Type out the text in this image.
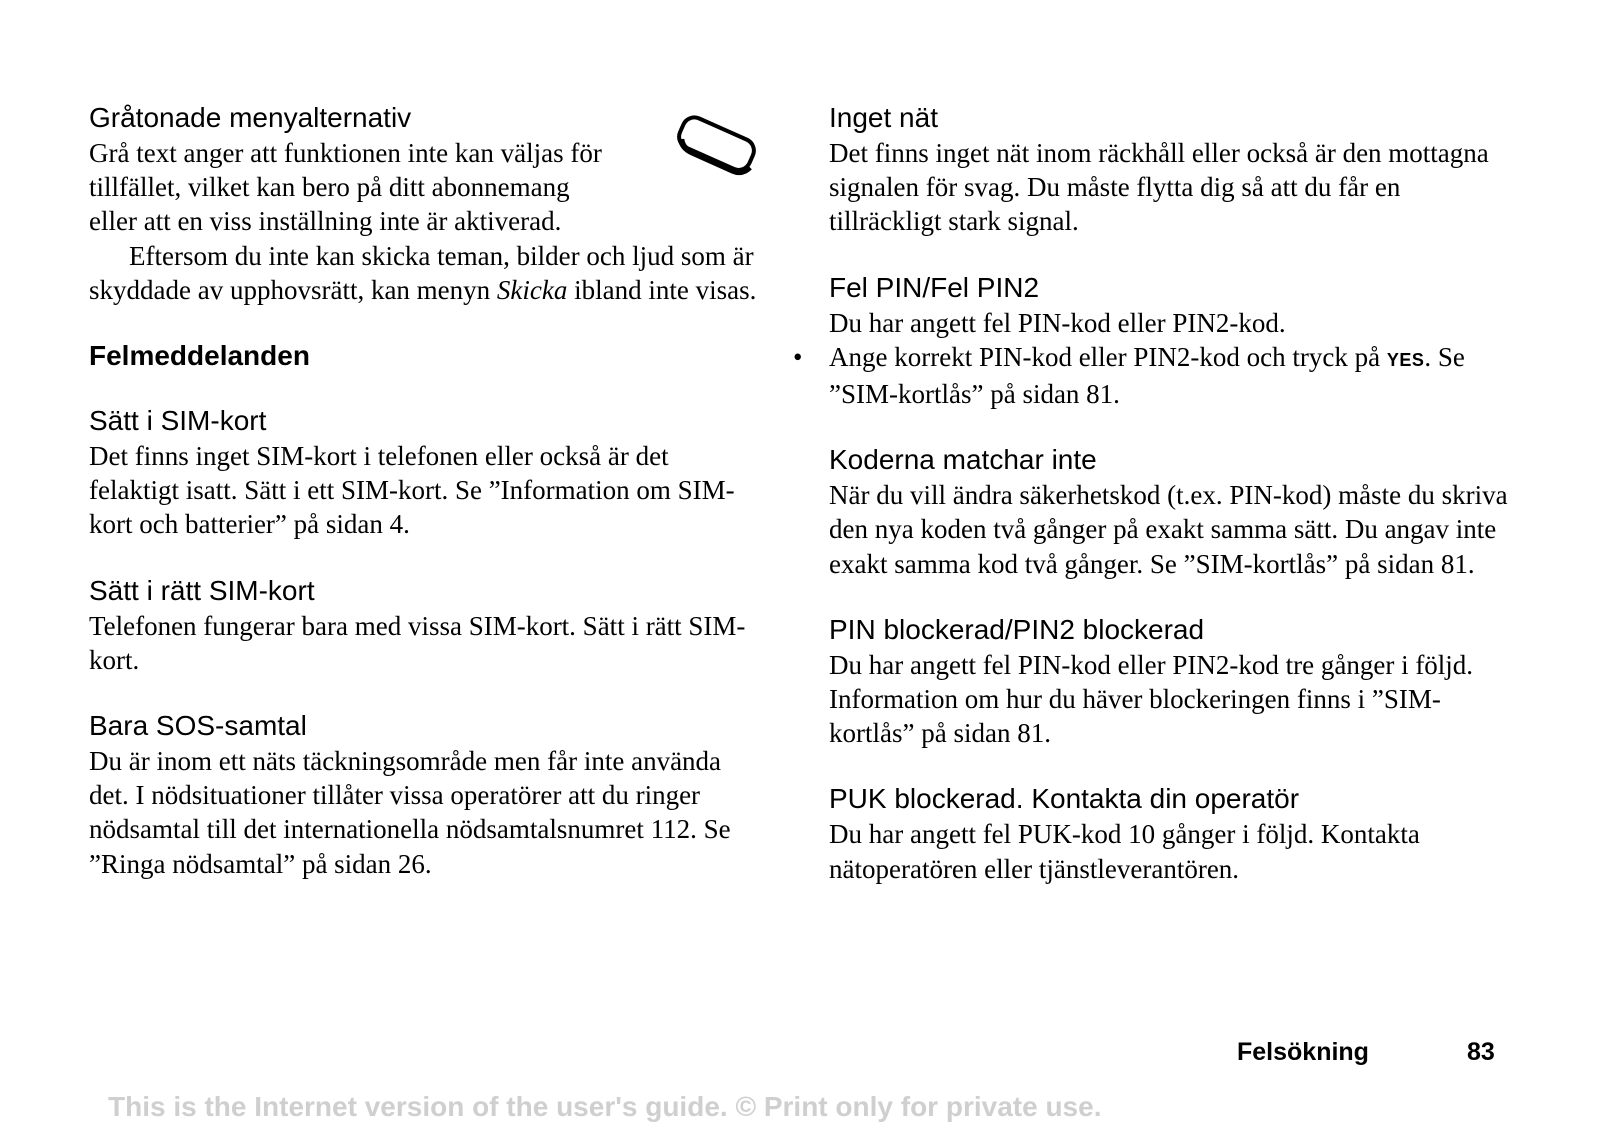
Gråtonade menyalternativ

Grå text anger att funktionen inte kan väljas för tillfället, vilket kan bero på ditt abonnemang eller att en viss inställning inte är aktiverad.

Eftersom du inte kan skicka teman, bilder och ljud som är skyddade av upphovsrätt, kan menyn Skicka ibland inte visas.

Felmeddelanden
Sätt i SIM-kort

Det finns inget SIM-kort i telefonen eller också är det felaktigt isatt. Sätt i ett SIM-kort. Se ”Information om SIM-kort och batterier” på sidan 4.

Sätt i rätt SIM-kort

Telefonen fungerar bara med vissa SIM-kort. Sätt i rätt SIM-kort.

Bara SOS-samtal

Du är inom ett näts täckningsområde men får inte använda det. I nödsituationer tillåter vissa operatörer att du ringer nödsamtal till det internationella nödsamtalsnumret 112. Se ”Ringa nödsamtal” på sidan 26.

Inget nät

Det finns inget nät inom räckhåll eller också är den mottagna signalen för svag. Du måste flytta dig så att du får en tillräckligt stark signal.

Fel PIN/Fel PIN2

Du har angett fel PIN-kod eller PIN2-kod.

• Ange korrekt PIN-kod eller PIN2-kod och tryck på YES. Se ”SIM-kortlås” på sidan 81.

Koderna matchar inte

När du vill ändra säkerhetskod (t.ex. PIN-kod) måste du skriva den nya koden två gånger på exakt samma sätt. Du angav inte exakt samma kod två gånger. Se ”SIM-kortlås” på sidan 81.

PIN blockerad/PIN2 blockerad

Du har angett fel PIN-kod eller PIN2-kod tre gånger i följd. Information om hur du häver blockeringen finns i ”SIM-kortlås” på sidan 81.

PUK blockerad. Kontakta din operatör

Du har angett fel PUK-kod 10 gånger i följd. Kontakta nätoperatören eller tjänstleverantören.

Felsökning	83
This is the Internet version of the user's guide. © Print only for private use.
